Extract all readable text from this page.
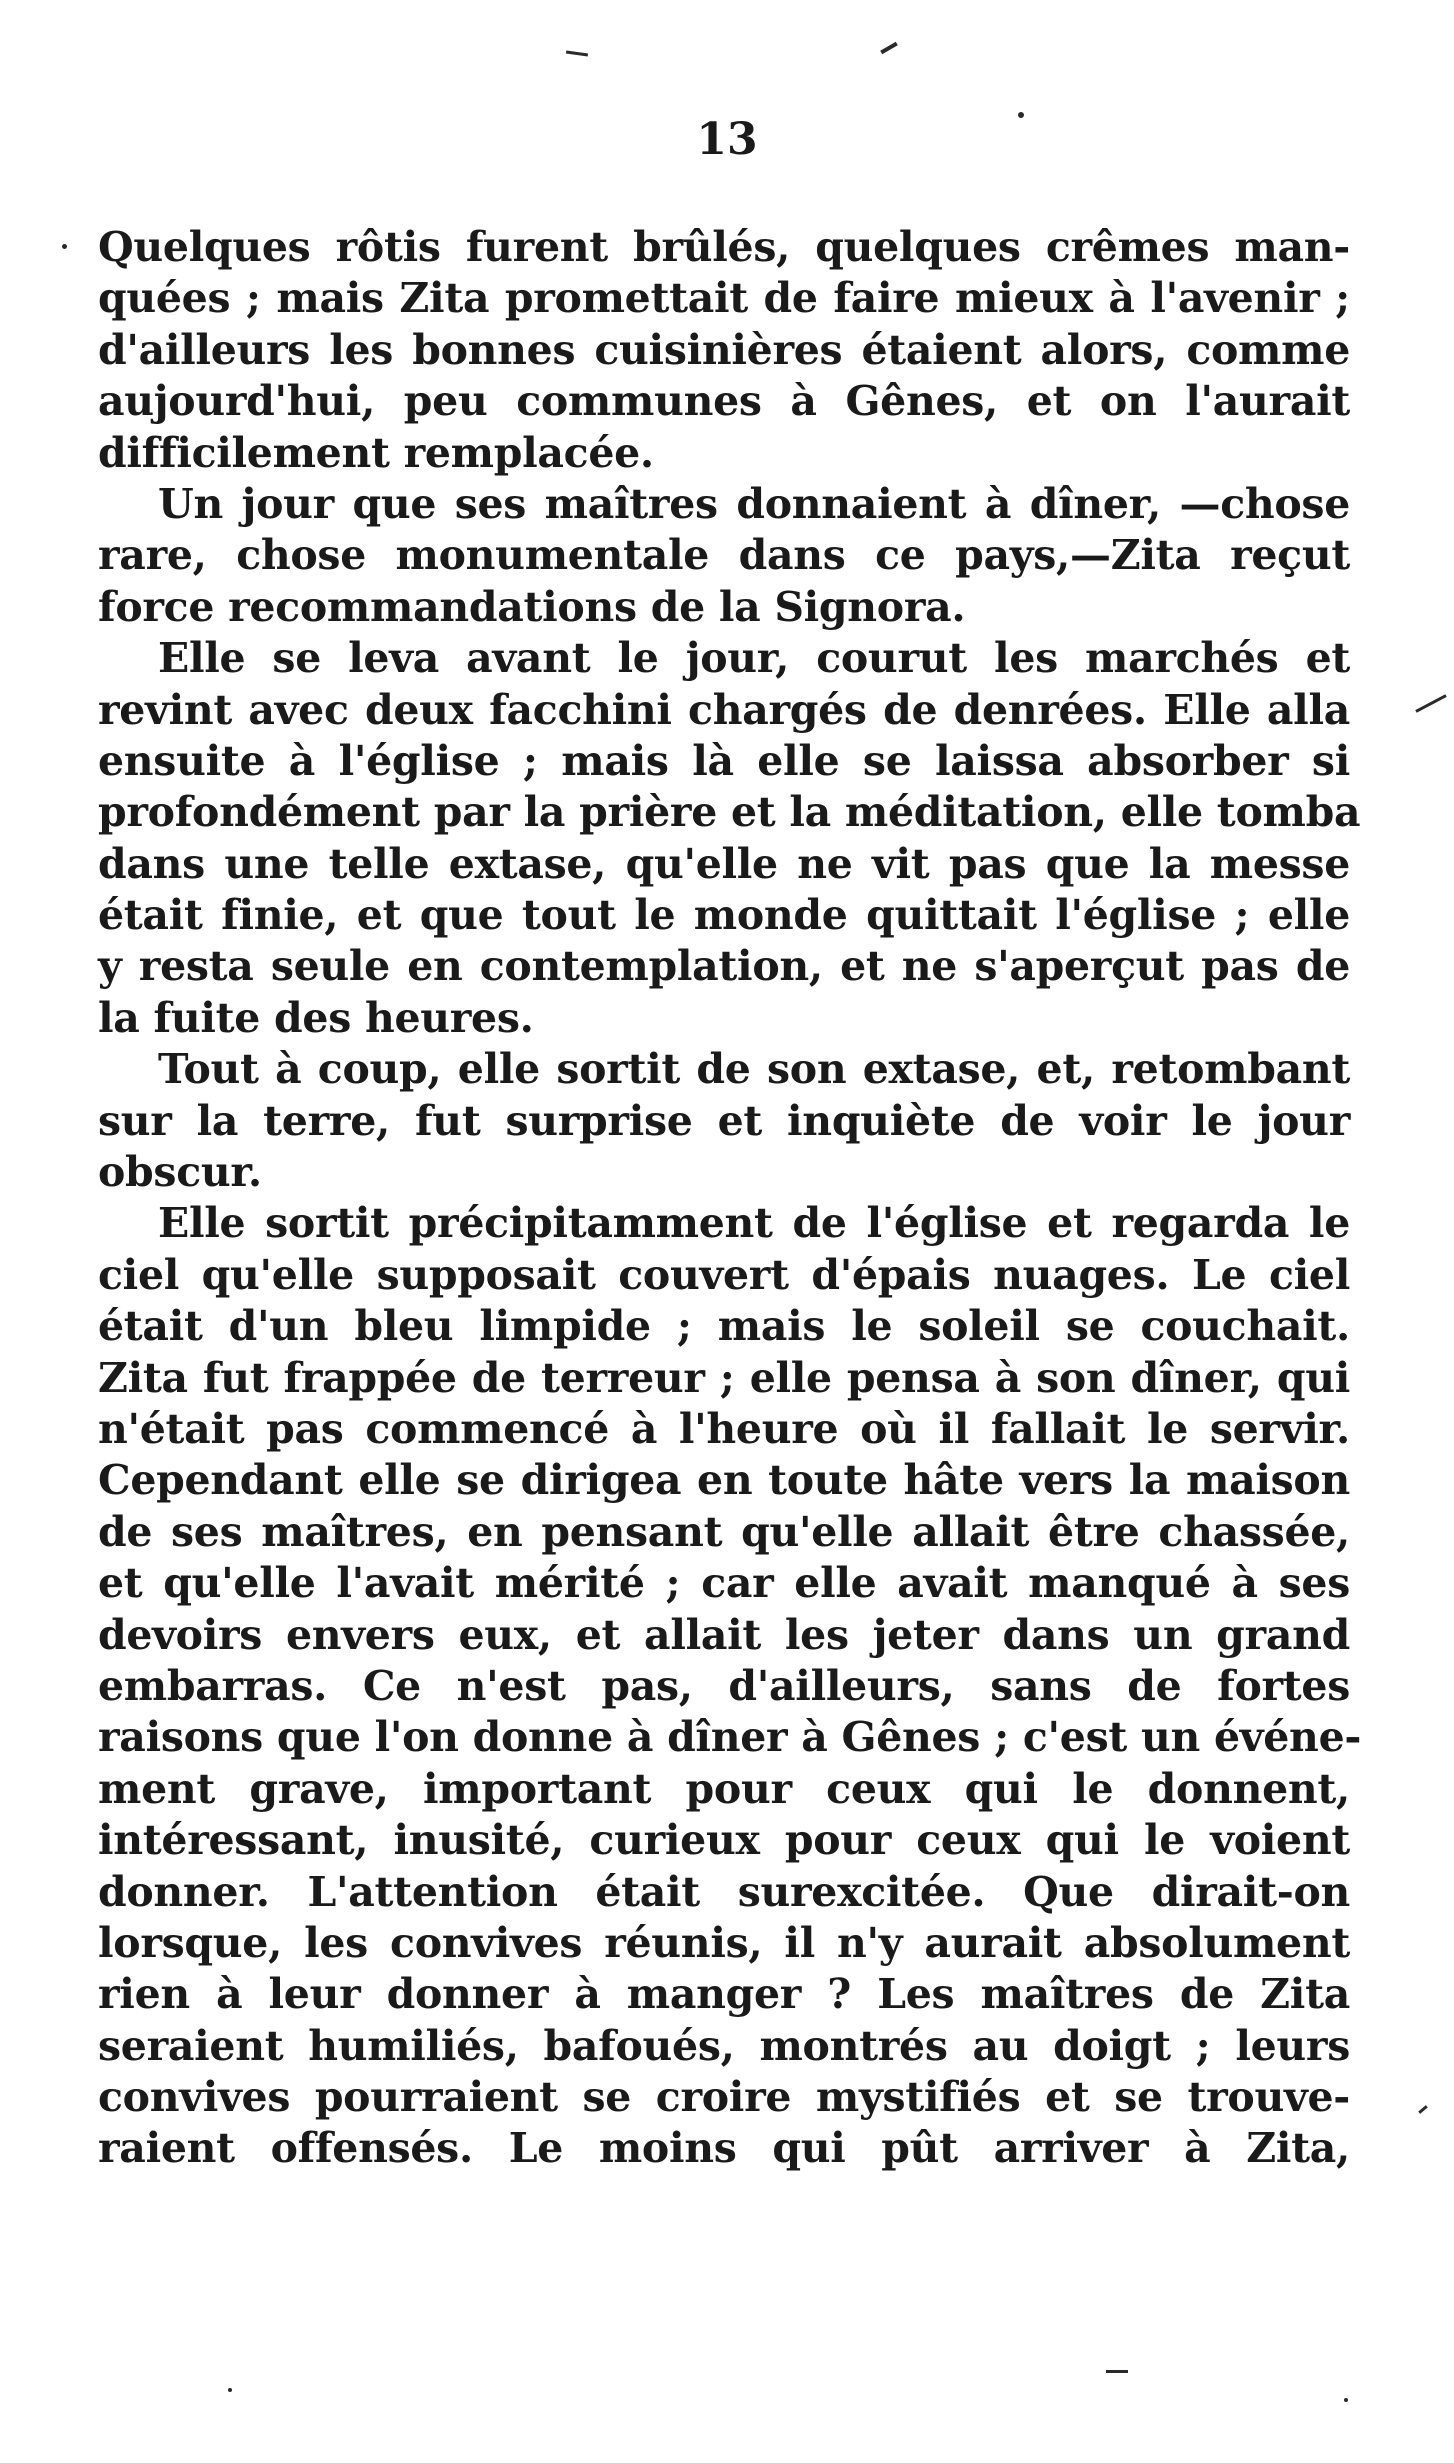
13

Quelques rôtis furent brûlés, quelques crêmes man-
quées ; mais Zita promettait de faire mieux à l'avenir ;
d'ailleurs les bonnes cuisinières étaient alors, comme
aujourd'hui, peu communes à Gênes, et on l'aurait
difficilement remplacée.

Un jour que ses maîtres donnaient à dîner, —chose
rare, chose monumentale dans ce pays,—Zita reçut
force recommandations de la Signora.

Elle se leva avant le jour, courut les marchés et
revint avec deux facchini chargés de denrées. Elle alla
ensuite à l'église ; mais là elle se laissa absorber si
profondément par la prière et la méditation, elle tomba
dans une telle extase, qu'elle ne vit pas que la messe
était finie, et que tout le monde quittait l'église ; elle
y resta seule en contemplation, et ne s'aperçut pas de
la fuite des heures.

Tout à coup, elle sortit de son extase, et, retombant
sur la terre, fut surprise et inquiète de voir le jour
obscur.

Elle sortit précipitamment de l'église et regarda le
ciel qu'elle supposait couvert d'épais nuages. Le ciel
était d'un bleu limpide ; mais le soleil se couchait.
Zita fut frappée de terreur ; elle pensa à son dîner, qui
n'était pas commencé à l'heure où il fallait le servir.
Cependant elle se dirigea en toute hâte vers la maison
de ses maîtres, en pensant qu'elle allait être chassée,
et qu'elle l'avait mérité ; car elle avait manqué à ses
devoirs envers eux, et allait les jeter dans un grand
embarras. Ce n'est pas, d'ailleurs, sans de fortes
raisons que l'on donne à dîner à Gênes ; c'est un événe-
ment grave, important pour ceux qui le donnent,
intéressant, inusité, curieux pour ceux qui le voient
donner. L'attention était surexcitée. Que dirait-on
lorsque, les convives réunis, il n'y aurait absolument
rien à leur donner à manger ? Les maîtres de Zita
seraient humiliés, bafoués, montrés au doigt ; leurs
convives pourraient se croire mystifiés et se trouve-
raient offensés. Le moins qui pût arriver à Zita,
